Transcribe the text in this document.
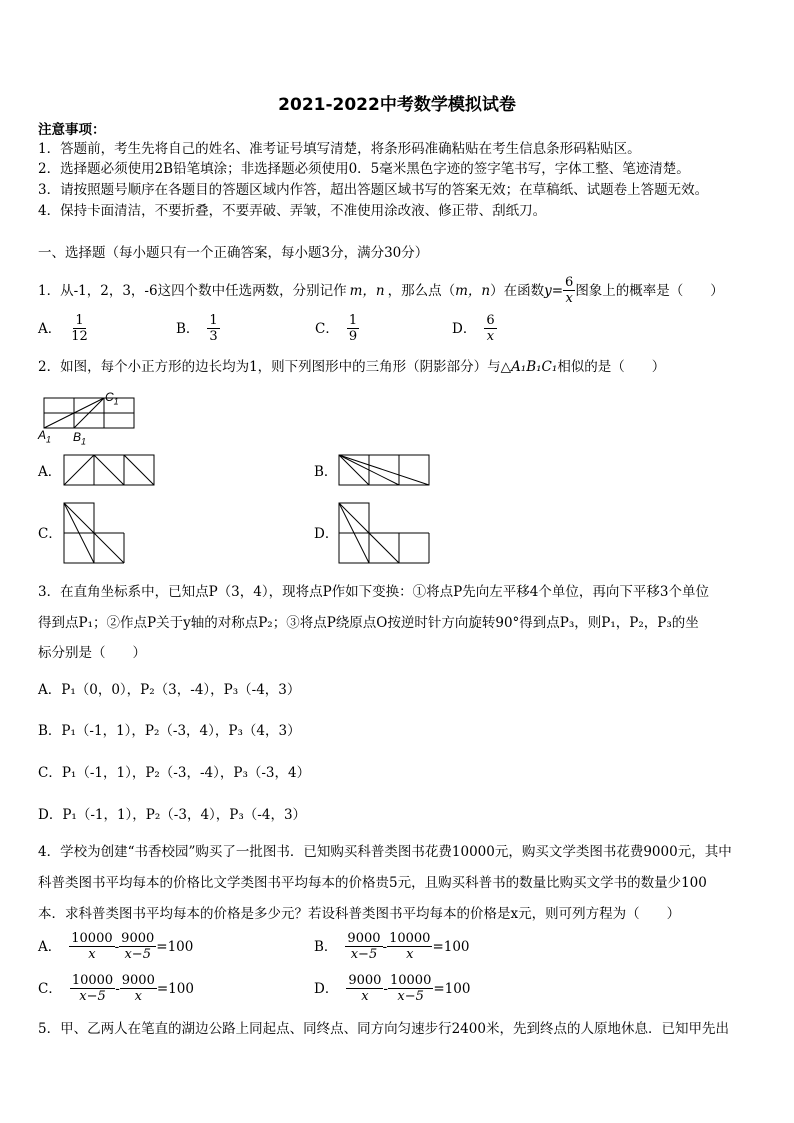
2021-2022中考数学模拟试卷
注意事项：
1．答题前，考生先将自己的姓名、准考证号填写清楚，将条形码准确粘贴在考生信息条形码粘贴区。
2．选择题必须使用2B铅笔填涂；非选择题必须使用0．5毫米黑色字迹的签字笔书写，字体工整、笔迹清楚。
3．请按照题号顺序在各题目的答题区域内作答，超出答题区域书写的答案无效；在草稿纸、试题卷上答题无效。
4．保持卡面清洁，不要折叠，不要弄破、弄皱，不准使用涂改液、修正带、刮纸刀。
一、选择题（每小题只有一个正确答案，每小题3分，满分30分）
1．从-1，2，3，-6这四个数中任选两数，分别记作 m，n ，那么点（ m，n ）在函数 $y= \frac{6}{x}$ 图象上的概率是（　　）
A． $\frac{1}{12}$	B． $\frac{1}{3}$	C． $\frac{1}{9}$	D． $\frac{6}{x}$
2．如图，每个小正方形的边长均为1，则下列图形中的三角形（阴影部分）与△ A₁B₁C₁ 相似的是（　　）
$C_1$
$A_1$ $B_1$
A．	B．
C．	D．
3．在直角坐标系中，已知点P（3，4），现将点P作如下变换：①将点P先向左平移4个单位，再向下平移3个单位
得到点P₁；②作点P关于y轴的对称点P₂；③将点P绕原点O按逆时针方向旋转90°得到点P₃，则P₁，P₂，P₃的坐
标分别是（　　）
A．P₁（0，0），P₂（3，-4），P₃（-4，3）
B．P₁（-1，1），P₂（-3，4），P₃（4，3）
C．P₁（-1，1），P₂（-3，-4），P₃（-3，4）
D．P₁（-1，1），P₂（-3，4），P₃（-4，3）
4．学校为创建“书香校园”购买了一批图书．已知购买科普类图书花费10000元，购买文学类图书花费9000元，其中
科普类图书平均每本的价格比文学类图书平均每本的价格贵5元，且购买科普书的数量比购买文学书的数量少100
本．求科普类图书平均每本的价格是多少元？若设科普类图书平均每本的价格是x元，则可列方程为（　　）
A． $\frac{10000}{x} - \frac{9000}{x-5} =100$	B． $\frac{9000}{x-5} - \frac{10000}{x} =100$
C． $\frac{10000}{x-5} - \frac{9000}{x} =100$	D． $\frac{9000}{x} - \frac{10000}{x-5} =100$
5．甲、乙两人在笔直的湖边公路上同起点、同终点、同方向匀速步行2400米，先到终点的人原地休息．已知甲先出
